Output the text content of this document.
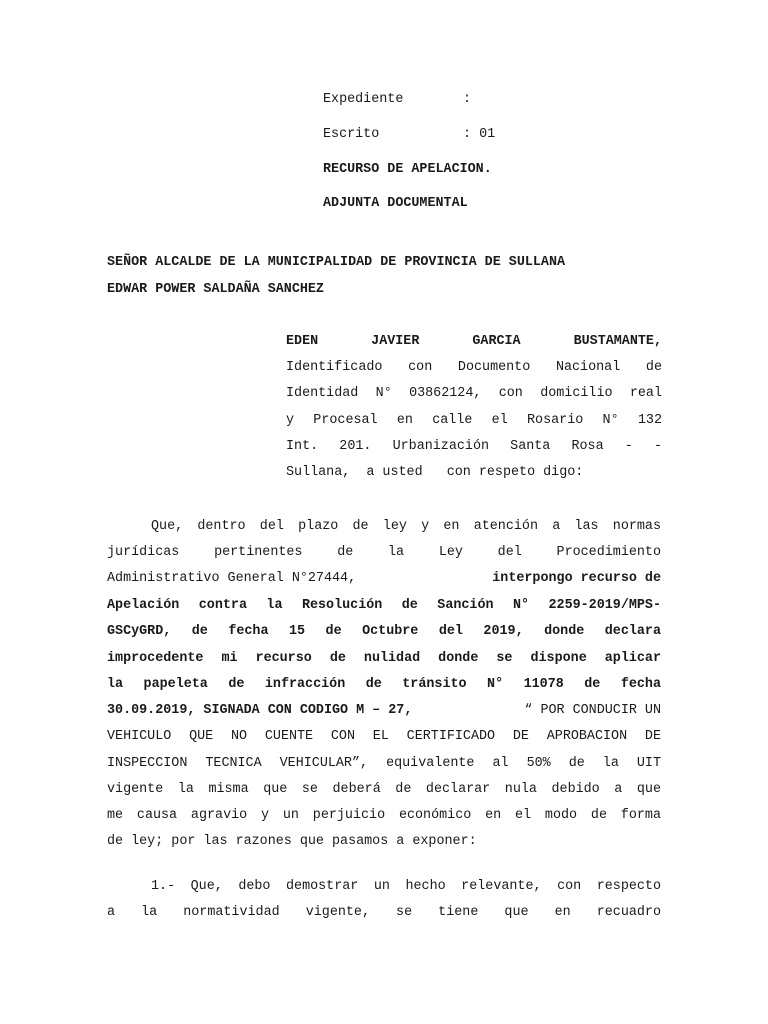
Expediente	:
Escrito	: 01
RECURSO DE APELACION.
ADJUNTA DOCUMENTAL
SEÑOR ALCALDE DE LA MUNICIPALIDAD DE PROVINCIA DE SULLANA
EDWAR POWER SALDAÑA SANCHEZ
EDEN	JAVIER	GARCIA	BUSTAMANTE,
Identificado con Documento Nacional de
Identidad N° 03862124, con domicilio real
y Procesal en calle el Rosario N° 132
Int. 201. Urbanización Santa Rosa - -
Sullana,  a usted   con respeto digo:
Que, dentro del plazo de ley y en atención a las normas
jurídicas pertinentes de la Ley del Procedimiento
Administrativo General N°27444,	interpongo recurso de
Apelación contra la Resolución de Sanción N° 2259-2019/MPS-
GSCyGRD, de fecha 15 de Octubre del 2019, donde declara
improcedente mi recurso de nulidad donde se dispone aplicar
la papeleta de infracción de tránsito N° 11078 de fecha
30.09.2019, SIGNADA CON CODIGO M – 27,	“ POR CONDUCIR UN
VEHICULO QUE NO CUENTE CON EL CERTIFICADO DE APROBACION DE
INSPECCION TECNICA VEHICULAR”, equivalente al 50% de la UIT
vigente la misma que se deberá de declarar nula debido a que
me causa agravio y un perjuicio económico en el modo de forma
de ley; por las razones que pasamos a exponer:
1.- Que, debo demostrar un hecho relevante, con respecto
a la normatividad vigente, se tiene que en recuadro
